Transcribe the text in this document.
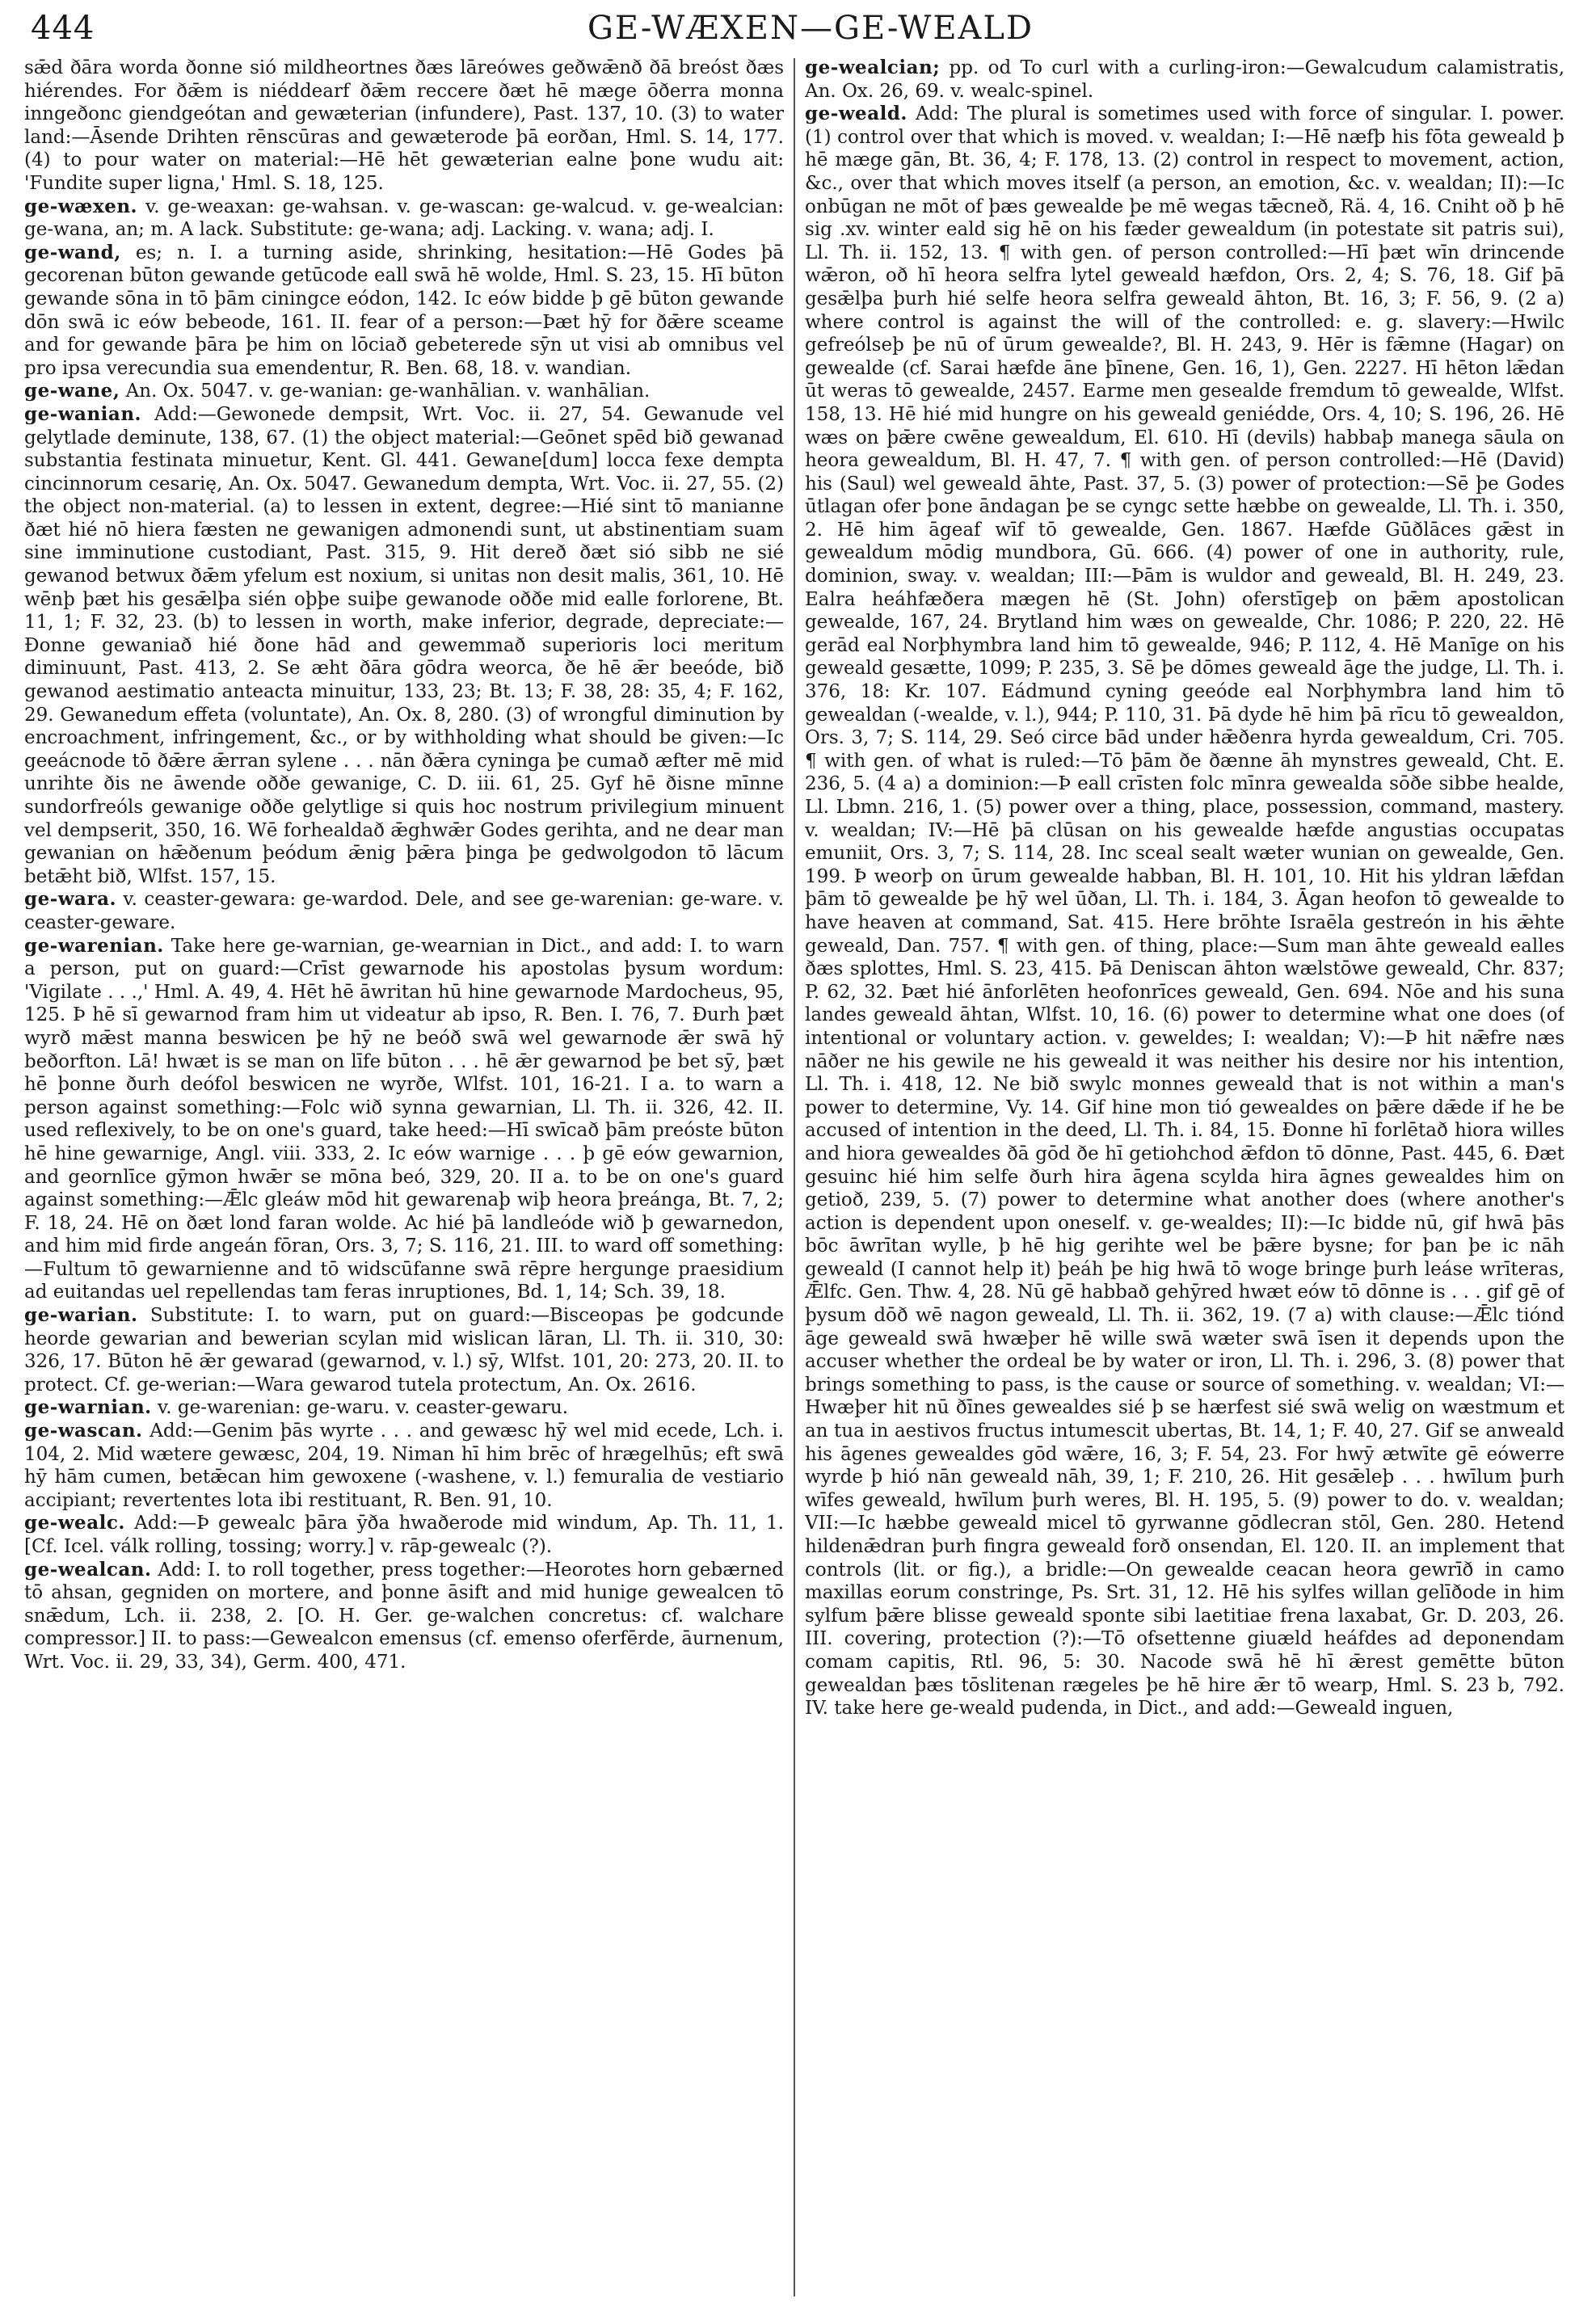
444	GE-WÆXEN—GE-WEALD

sǣd ðāra worda ðonne sió mildheortnes ðæs lāreówes geðwǣnð ðā breóst ðæs hiérendes. For ðǣm is niéddearf ðǣm reccere ðæt hē mæge ōðerra monna inngeðonc giendgeótan and gewæterian (infundere), Past. 137, 10. (3) to water land:—Āsende Drihten rēnscūras and gewæterode þā eorðan, Hml. S. 14, 177. (4) to pour water on material:—Hē hēt gewæterian ealne þone wudu ait: 'Fundite super ligna,' Hml. S. 18, 125.

ge-wæxen. v. ge-weaxan: ge-wahsan. v. ge-wascan: ge-walcud. v. ge-wealcian: ge-wana, an; m. A lack. Substitute: ge-wana; adj. Lacking. v. wana; adj. I.

ge-wand, es; n. I. a turning aside, shrinking, hesitation:—Hē Godes þā gecorenan būton gewande getūcode eall swā hē wolde, Hml. S. 23, 15. Hī būton gewande sōna in tō þām ciningce eódon, 142. Ic eów bidde þ gē būton gewande dōn swā ic eów bebeode, 161. II. fear of a person:—Þæt hȳ for ðǣre sceame and for gewande þāra þe him on lōciað gebeterede sȳn ut visi ab omnibus vel pro ipsa verecundia sua emendentur, R. Ben. 68, 18. v. wandian.

ge-wane, An. Ox. 5047. v. ge-wanian: ge-wanhālian. v. wanhālian.

ge-wanian. Add:—Gewonede dempsit, Wrt. Voc. ii. 27, 54. Gewanude vel gelytlade deminute, 138, 67. (1) the object material:—Geōnet spēd bið gewanad substantia festinata minuetur, Kent. Gl. 441. Gewane[dum] locca fexe dempta cincinnorum cesarię, An. Ox. 5047. Gewanedum dempta, Wrt. Voc. ii. 27, 55. (2) the object non-material. (a) to lessen in extent, degree:—Hié sint tō manianne ðæt hié nō hiera fæsten ne gewanigen admonendi sunt, ut abstinentiam suam sine imminutione custodiant, Past. 315, 9. Hit dereð ðæt sió sibb ne sié gewanod betwux ðǣm yfelum est noxium, si unitas non desit malis, 361, 10. Hē wēnþ þæt his gesǣlþa sién oþþe suiþe gewanode oððe mid ealle forlorene, Bt. 11, 1; F. 32, 23. (b) to lessen in worth, make inferior, degrade, depreciate:—Ðonne gewaniað hié ðone hād and gewemmað superioris loci meritum diminuunt, Past. 413, 2. Se æht ðāra gōdra weorca, ðe hē ǣr beeóde, bið gewanod aestimatio anteacta minuitur, 133, 23; Bt. 13; F. 38, 28: 35, 4; F. 162, 29. Gewanedum effeta (voluntate), An. Ox. 8, 280. (3) of wrongful diminution by encroachment, infringement, &c., or by withholding what should be given:—Ic geeácnode tō ðǣre ǣrran sylene . . . nān ðǣra cyninga þe cumað æfter mē mid unrihte ðis ne āwende oððe gewanige, C. D. iii. 61, 25. Gyf hē ðisne mīnne sundorfreóls gewanige oððe gelytlige si quis hoc nostrum privilegium minuent vel dempserit, 350, 16. Wē forhealdað ǣghwǣr Godes gerihta, and ne dear man gewanian on hǣðenum þeódum ǣnig þǣra þinga þe gedwolgodon tō lācum betǣht bið, Wlfst. 157, 15.

ge-wara. v. ceaster-gewara: ge-wardod. Dele, and see ge-warenian: ge-ware. v. ceaster-geware.

ge-warenian. Take here ge-warnian, ge-wearnian in Dict., and add: I. to warn a person, put on guard:—Crīst gewarnode his apostolas þysum wordum: 'Vigilate . . .,' Hml. A. 49, 4. Hēt hē āwritan hū hine gewarnode Mardocheus, 95, 125. Þ hē sī gewarnod fram him ut videatur ab ipso, R. Ben. I. 76, 7. Ðurh þæt wyrð mǣst manna beswicen þe hȳ ne beóð swā wel gewarnode ǣr swā hȳ beðorfton. Lā! hwæt is se man on līfe būton . . . hē ǣr gewarnod þe bet sȳ, þæt hē þonne ðurh deófol beswicen ne wyrðe, Wlfst. 101, 16-21. I a. to warn a person against something:—Folc wið synna gewarnian, Ll. Th. ii. 326, 42. II. used reflexively, to be on one's guard, take heed:—Hī swīcað þām preóste būton hē hine gewarnige, Angl. viii. 333, 2. Ic eów warnige . . . þ gē eów gewarnion, and geornlīce gȳmon hwǣr se mōna beó, 329, 20. II a. to be on one's guard against something:—Ǣlc gleáw mōd hit gewarenaþ wiþ heora þreánga, Bt. 7, 2; F. 18, 24. Hē on ðæt lond faran wolde. Ac hié þā landleóde wið þ gewarnedon, and him mid firde angeán fōran, Ors. 3, 7; S. 116, 21. III. to ward off something:—Fultum tō gewarnienne and tō widscūfanne swā rēpre hergunge praesidium ad euitandas uel repellendas tam feras inruptiones, Bd. 1, 14; Sch. 39, 18.

ge-warian. Substitute: I. to warn, put on guard:—Bisceopas þe godcunde heorde gewarian and bewerian scylan mid wislican lāran, Ll. Th. ii. 310, 30: 326, 17. Būton hē ǣr gewarad (gewarnod, v. l.) sȳ, Wlfst. 101, 20: 273, 20. II. to protect. Cf. ge-werian:—Wara gewarod tutela protectum, An. Ox. 2616.

ge-warnian. v. ge-warenian: ge-waru. v. ceaster-gewaru.

ge-wascan. Add:—Genim þās wyrte . . . and gewæsc hȳ wel mid ecede, Lch. i. 104, 2. Mid wætere gewæsc, 204, 19. Niman hī him brēc of hrægelhūs; eft swā hȳ hām cumen, betǣcan him gewoxene (-washene, v. l.) femuralia de vestiario accipiant; revertentes lota ibi restituant, R. Ben. 91, 10.

ge-wealc. Add:—Þ gewealc þāra ȳða hwaðerode mid windum, Ap. Th. 11, 1. [Cf. Icel. válk rolling, tossing; worry.] v. rāp-gewealc (?).

ge-wealcan. Add: I. to roll together, press together:—Heorotes horn gebærned tō ahsan, gegniden on mortere, and þonne āsift and mid hunige gewealcen tō snǣdum, Lch. ii. 238, 2. [O. H. Ger. ge-walchen concretus: cf. walchare compressor.] II. to pass:—Gewealcon emensus (cf. emenso oferfērde, āurnenum, Wrt. Voc. ii. 29, 33, 34), Germ. 400, 471.

ge-wealcian; pp. od To curl with a curling-iron:—Gewalcudum calamistratis, An. Ox. 26, 69. v. wealc-spinel.

ge-weald. Add: The plural is sometimes used with force of singular. I. power. (1) control over that which is moved. v. wealdan; I:—Hē næfþ his fōta geweald þ hē mæge gān, Bt. 36, 4; F. 178, 13. (2) control in respect to movement, action, &c., over that which moves itself (a person, an emotion, &c. v. wealdan; II):—Ic onbūgan ne mōt of þæs gewealde þe mē wegas tǣcneð, Rä. 4, 16. Cniht oð þ hē sig .xv. winter eald sig hē on his fæder gewealdum (in potestate sit patris sui), Ll. Th. ii. 152, 13. ¶ with gen. of person controlled:—Hī þæt wīn drincende wǣron, oð hī heora selfra lytel geweald hæfdon, Ors. 2, 4; S. 76, 18. Gif þā gesǣlþa þurh hié selfe heora selfra geweald āhton, Bt. 16, 3; F. 56, 9. (2 a) where control is against the will of the controlled: e. g. slavery:—Hwilc gefreólseþ þe nū of ūrum gewealde?, Bl. H. 243, 9. Hēr is fǣmne (Hagar) on gewealde (cf. Sarai hæfde āne þīnene, Gen. 16, 1), Gen. 2227. Hī hēton lǣdan ūt weras tō gewealde, 2457. Earme men gesealde fremdum tō gewealde, Wlfst. 158, 13. Hē hié mid hungre on his geweald geniédde, Ors. 4, 10; S. 196, 26. Hē wæs on þǣre cwēne gewealdum, El. 610. Hī (devils) habbaþ manega sāula on heora gewealdum, Bl. H. 47, 7. ¶ with gen. of person controlled:—Hē (David) his (Saul) wel geweald āhte, Past. 37, 5. (3) power of protection:—Sē þe Godes ūtlagan ofer þone āndagan þe se cyngc sette hæbbe on gewealde, Ll. Th. i. 350, 2. Hē him āgeaf wīf tō gewealde, Gen. 1867. Hæfde Gūðlāces gǣst in gewealdum mōdig mundbora, Gū. 666. (4) power of one in authority, rule, dominion, sway. v. wealdan; III:—Þām is wuldor and geweald, Bl. H. 249, 23. Ealra heáhfæðera mægen hē (St. John) oferstīgeþ on þǣm apostolican gewealde, 167, 24. Brytland him wæs on gewealde, Chr. 1086; P. 220, 22. Hē gerād eal Norþhymbra land him tō gewealde, 946; P. 112, 4. Hē Manīge on his geweald gesætte, 1099; P. 235, 3. Sē þe dōmes geweald āge the judge, Ll. Th. i. 376, 18: Kr. 107. Eádmund cyning geeóde eal Norþhymbra land him tō gewealdan (-wealde, v. l.), 944; P. 110, 31. Þā dyde hē him þā rīcu tō gewealdon, Ors. 3, 7; S. 114, 29. Seó circe bād under hǣðenra hyrda gewealdum, Cri. 705. ¶ with gen. of what is ruled:—Tō þām ðe ðænne āh mynstres geweald, Cht. E. 236, 5. (4 a) a dominion:—Þ eall crīsten folc mīnra gewealda sōðe sibbe healde, Ll. Lbmn. 216, 1. (5) power over a thing, place, possession, command, mastery. v. wealdan; IV:—Hē þā clūsan on his gewealde hæfde angustias occupatas emuniit, Ors. 3, 7; S. 114, 28. Inc sceal sealt wæter wunian on gewealde, Gen. 199. Þ weorþ on ūrum gewealde habban, Bl. H. 101, 10. Hit his yldran lǣfdan þām tō gewealde þe hȳ wel ūðan, Ll. Th. i. 184, 3. Āgan heofon tō gewealde to have heaven at command, Sat. 415. Here brōhte Israēla gestreón in his ǣhte geweald, Dan. 757. ¶ with gen. of thing, place:—Sum man āhte geweald ealles ðæs splottes, Hml. S. 23, 415. Þā Deniscan āhton wælstōwe geweald, Chr. 837; P. 62, 32. Þæt hié ānforlēten heofonrīces geweald, Gen. 694. Nōe and his suna landes geweald āhtan, Wlfst. 10, 16. (6) power to determine what one does (of intentional or voluntary action. v. geweldes; I: wealdan; V):—Þ hit nǣfre næs nāðer ne his gewile ne his geweald it was neither his desire nor his intention, Ll. Th. i. 418, 12. Ne bið swylc monnes geweald that is not within a man's power to determine, Vy. 14. Gif hine mon tió gewealdes on þǣre dǣde if he be accused of intention in the deed, Ll. Th. i. 84, 15. Ðonne hī forlētað hiora willes and hiora gewealdes ðā gōd ðe hī getiohchod ǣfdon tō dōnne, Past. 445, 6. Ðæt gesuinc hié him selfe ðurh hira āgena scylda hira āgnes gewealdes him on getioð, 239, 5. (7) power to determine what another does (where another's action is dependent upon oneself. v. ge-wealdes; II):—Ic bidde nū, gif hwā þās bōc āwrītan wylle, þ hē hig gerihte wel be þǣre bysne; for þan þe ic nāh geweald (I cannot help it) þeáh þe hig hwā tō woge bringe þurh leáse wrīteras, Ǣlfc. Gen. Thw. 4, 28. Nū gē habbað gehȳred hwæt eów tō dōnne is . . . gif gē of þysum dōð wē nagon geweald, Ll. Th. ii. 362, 19. (7 a) with clause:—Ǣlc tiónd āge geweald swā hwæþer hē wille swā wæter swā īsen it depends upon the accuser whether the ordeal be by water or iron, Ll. Th. i. 296, 3. (8) power that brings something to pass, is the cause or source of something. v. wealdan; VI:—Hwæþer hit nū ðīnes gewealdes sié þ se hærfest sié swā welig on wæstmum et an tua in aestivos fructus intumescit ubertas, Bt. 14, 1; F. 40, 27. Gif se anweald his āgenes gewealdes gōd wǣre, 16, 3; F. 54, 23. For hwȳ ætwīte gē eówerre wyrde þ hió nān geweald nāh, 39, 1; F. 210, 26. Hit gesǣleþ . . . hwīlum þurh wīfes geweald, hwīlum þurh weres, Bl. H. 195, 5. (9) power to do. v. wealdan; VII:—Ic hæbbe geweald micel tō gyrwanne gōdlecran stōl, Gen. 280. Hetend hildenǣdran þurh fingra geweald forð onsendan, El. 120. II. an implement that controls (lit. or fig.), a bridle:—On gewealde ceacan heora gewrīð in camo maxillas eorum constringe, Ps. Srt. 31, 12. Hē his sylfes willan gelīðode in him sylfum þǣre blisse geweald sponte sibi laetitiae frena laxabat, Gr. D. 203, 26. III. covering, protection (?):—Tō ofsettenne giuæld heáfdes ad deponendam comam capitis, Rtl. 96, 5: 30. Nacode swā hē hī ǣrest gemētte būton gewealdan þæs tōslitenan rægeles þe hē hire ǣr tō wearp, Hml. S. 23 b, 792. IV. take here ge-weald pudenda, in Dict., and add:—Geweald inguen,
